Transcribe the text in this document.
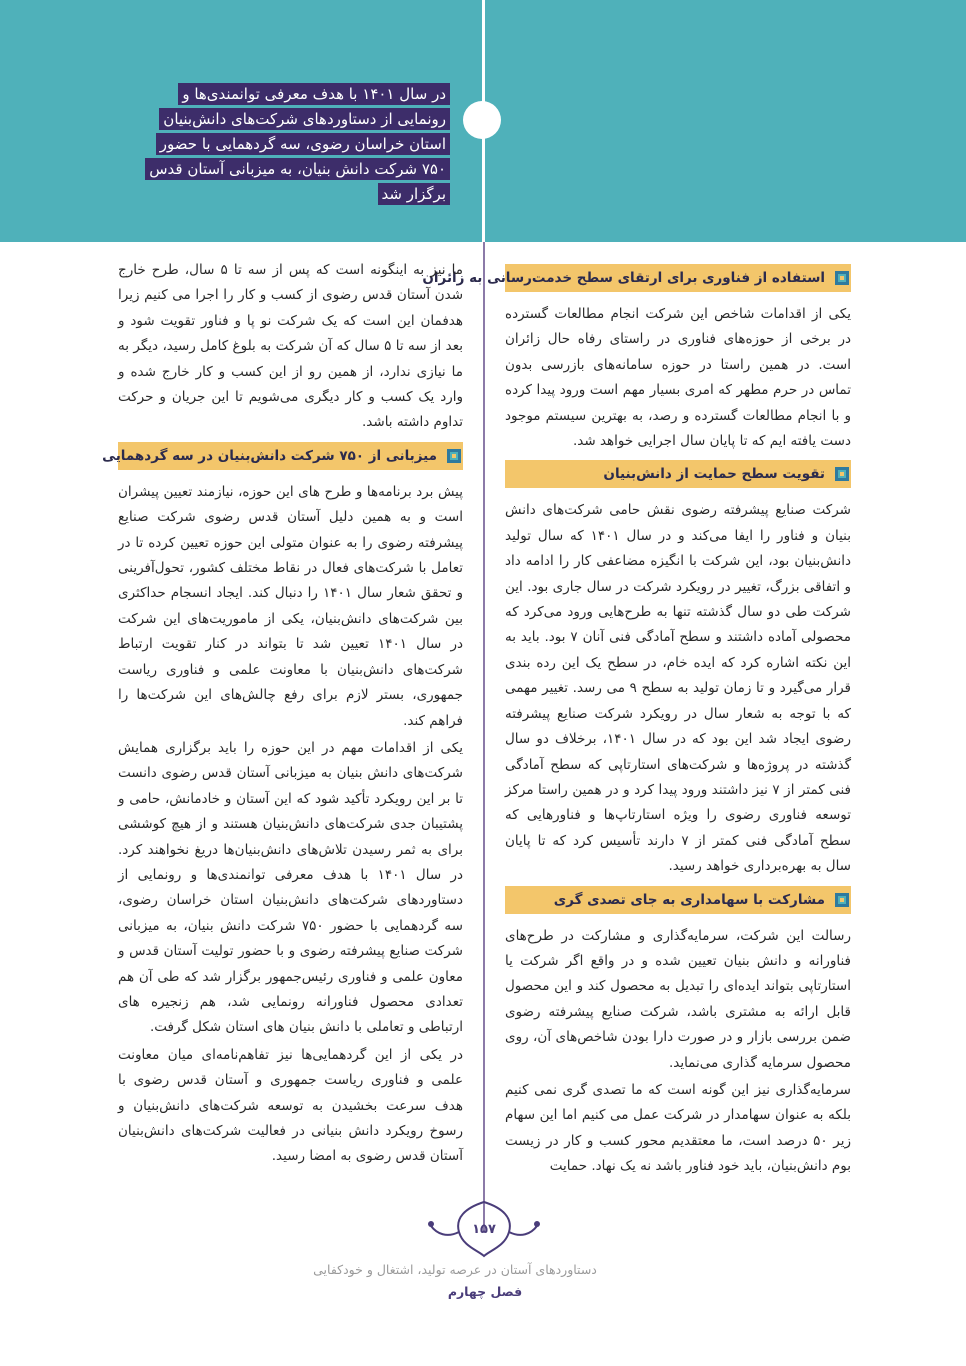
در سال ۱۴۰۱ با هدف معرفی توانمندی‌ها و رونمایی از دستاوردهای شرکت‌های دانش‌بنیان استان خراسان رضوی، سه گردهمایی با حضور ۷۵۰ شرکت دانش بنیان، به میزبانی آستان قدس برگزار شد
استفاده از فناوری برای ارتقای سطح خدمت‌رسانی به زائران

یکی از اقدامات شاخص این شرکت انجام مطالعات گسترده در برخی از حوزه‌های فناوری در راستای رفاه حال زائران است. در همین راستا در حوزه سامانه‌های بازرسی بدون تماس در حرم مطهر که امری بسیار مهم است ورود پیدا کرده و با انجام مطالعات گسترده و رصد، به بهترین سیستم موجود دست یافته ایم که تا پایان سال اجرایی خواهد شد.

تقویت سطح حمایت از دانش‌بنیان

شرکت صنایع پیشرفته رضوی نقش حامی شرکت‌های دانش بنیان و فناور را ایفا می‌کند و در سال ۱۴۰۱ که سال تولید دانش‌بنیان بود، این شرکت با انگیزه مضاعفی کار را ادامه داد و اتفاقی بزرگ، تغییر در رویکرد شرکت در سال جاری بود. این شرکت طی دو سال گذشته تنها به طرح‌هایی ورود می‌کرد که محصولی آماده داشتند و سطح آمادگی فنی آنان ۷ بود. باید به این نکته اشاره کرد که ایده خام، در سطح یک این رده بندی قرار می‌گیرد و تا زمان تولید به سطح ۹ می رسد. تغییر مهمی که با توجه به شعار سال در رویکرد شرکت صنایع پیشرفته رضوی ایجاد شد این بود که در سال ۱۴۰۱، برخلاف دو سال گذشته در پروژه‌ها و شرکت‌های استارتاپی که سطح آمادگی فنی کمتر از ۷ نیز داشتند ورود پیدا کرد و در همین راستا مرکز توسعه فناوری رضوی را ویژه استارتاپ‌ها و فناورهایی که سطح آمادگی فنی کمتر از ۷ دارند تأسیس کرد که تا پایان سال به بهره‌برداری خواهد رسید.

مشارکت با سهامداری به جای تصدی گری

رسالت این شرکت، سرمایه‌گذاری و مشارکت در طرح‌های فناورانه و دانش بنیان تعیین شده و در واقع اگر شرکت یا استارتاپی بتواند ایده‌ای را تبدیل به محصول کند و این محصول قابل ارائه به مشتری باشد، شرکت صنایع پیشرفته رضوی ضمن بررسی بازار و در صورت دارا بودن شاخص‌های آن، روی محصول سرمایه گذاری می‌نماید.

سرمایه‌گذاری نیز این گونه است که ما تصدی گری نمی کنیم بلکه به عنوان سهامدار در شرکت عمل می کنیم اما این سهام زیر ۵۰ درصد است، ما معتقدیم محور کسب و کار در زیست بوم دانش‌بنیان، باید خود فناور باشد نه یک نهاد. حمایت

ما نیز به اینگونه است که پس از سه تا ۵ سال، طرح خارج شدن آستان قدس رضوی از کسب و کار را اجرا می کنیم زیرا هدفمان این است که یک شرکت نو پا و فناور تقویت شود و بعد از سه تا ۵ سال که آن شرکت به بلوغ کامل رسید، دیگر به ما نیازی ندارد، از همین رو از این کسب و کار خارج شده و وارد یک کسب و کار دیگری می‌شویم تا این جریان و حرکت تداوم داشته باشد.

میزبانی از ۷۵۰ شرکت دانش‌بنیان در سه گردهمایی

پیش برد برنامه‌ها و طرح های این حوزه، نیازمند تعیین پیشران است و به همین دلیل آستان قدس رضوی شرکت صنایع پیشرفته رضوی را به عنوان متولی این حوزه تعیین کرده تا در تعامل با شرکت‌های فعال در نقاط مختلف کشور، تحول‌آفرینی و تحقق شعار سال ۱۴۰۱ را دنبال کند. ایجاد انسجام حداکثری بین شرکت‌های دانش‌بنیان، یکی از ماموریت‌های این شرکت در سال ۱۴۰۱ تعیین شد تا بتواند در کنار تقویت ارتباط شرکت‌های دانش‌بنیان با معاونت علمی و فناوری ریاست جمهوری، بستر لازم برای رفع چالش‌های این شرکت‌ها را فراهم کند.

یکی از اقدامات مهم در این حوزه را باید برگزاری همایش شرکت‌های دانش بنیان به میزبانی آستان قدس رضوی دانست تا بر این رویکرد تأکید شود که این آستان و خادمانش، حامی و پشتیبان جدی شرکت‌های دانش‌بنیان هستند و از هیچ کوششی برای به ثمر رسیدن تلاش‌های دانش‌بنیان‌ها دریغ نخواهند کرد. در سال ۱۴۰۱ با هدف معرفی توانمندی‌ها و رونمایی از دستاوردهای شرکت‌های دانش‌بنیان استان خراسان رضوی، سه گردهمایی با حضور ۷۵۰ شرکت دانش بنیان، به میزبانی شرکت صنایع پیشرفته رضوی و با حضور تولیت آستان قدس و معاون علمی و فناوری رئیس‌جمهور برگزار شد که طی آن هم تعدادی محصول فناورانه رونمایی شد، هم زنجیره های ارتباطی و تعاملی با دانش بنیان های استان شکل گرفت.

در یکی از این گردهمایی‌ها نیز تفاهم‌نامه‌ای میان معاونت علمی و فناوری ریاست جمهوری و آستان قدس رضوی با هدف سرعت بخشیدن به توسعه شرکت‌های دانش‌بنیان و رسوخ رویکرد دانش بنیانی در فعالیت شرکت‌های دانش‌بنیان آستان قدس رضوی به امضا رسید.

۱۵۷
دستاوردهای آستان در عرصه تولید، اشتغال و خودکفایی
فصل چهارم
